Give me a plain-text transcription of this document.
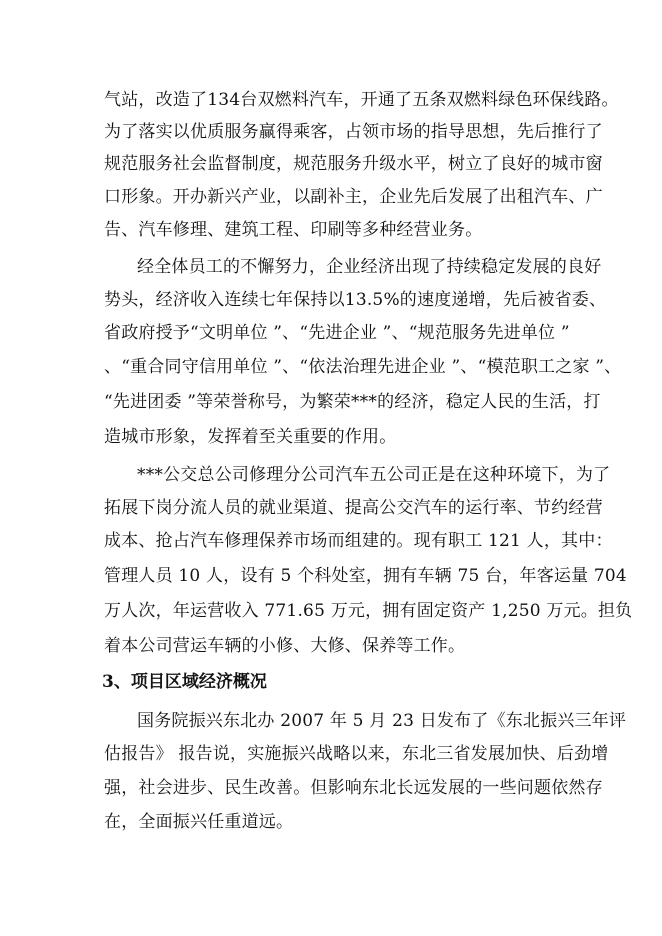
气站，改造了134台双燃料汽车，开通了五条双燃料绿色环保线路。
为了落实以优质服务赢得乘客，占领市场的指导思想，先后推行了
规范服务社会监督制度，规范服务升级水平，树立了良好的城市窗
口形象。开办新兴产业，以副补主，企业先后发展了出租汽车、广
告、汽车修理、建筑工程、印刷等多种经营业务。
经全体员工的不懈努力，企业经济出现了持续稳定发展的良好
势头，经济收入连续七年保持以13.5%的速度递增，先后被省委、
省政府授予“文明单位 ”、“先进企业 ”、“规范服务先进单位 ”
、“重合同守信用单位 ”、“依法治理先进企业 ”、“模范职工之家 ”、
“先进团委 ”等荣誉称号，为繁荣***的经济，稳定人民的生活，打
造城市形象，发挥着至关重要的作用。
***公交总公司修理分公司汽车五公司正是在这种环境下，为了
拓展下岗分流人员的就业渠道、提高公交汽车的运行率、节约经营
成本、抢占汽车修理保养市场而组建的。现有职工 121 人，其中：
管理人员 10 人，设有 5 个科处室，拥有车辆 75 台，年客运量 704
万人次，年运营收入 771.65 万元，拥有固定资产 1,250 万元。担负
着本公司营运车辆的小修、大修、保养等工作。
3、项目区域经济概况
国务院振兴东北办 2007 年 5 月 23 日发布了《东北振兴三年评
估报告》 报告说，实施振兴战略以来，东北三省发展加快、后劲增
强，社会进步、民生改善。但影响东北长远发展的一些问题依然存
在，全面振兴任重道远。
